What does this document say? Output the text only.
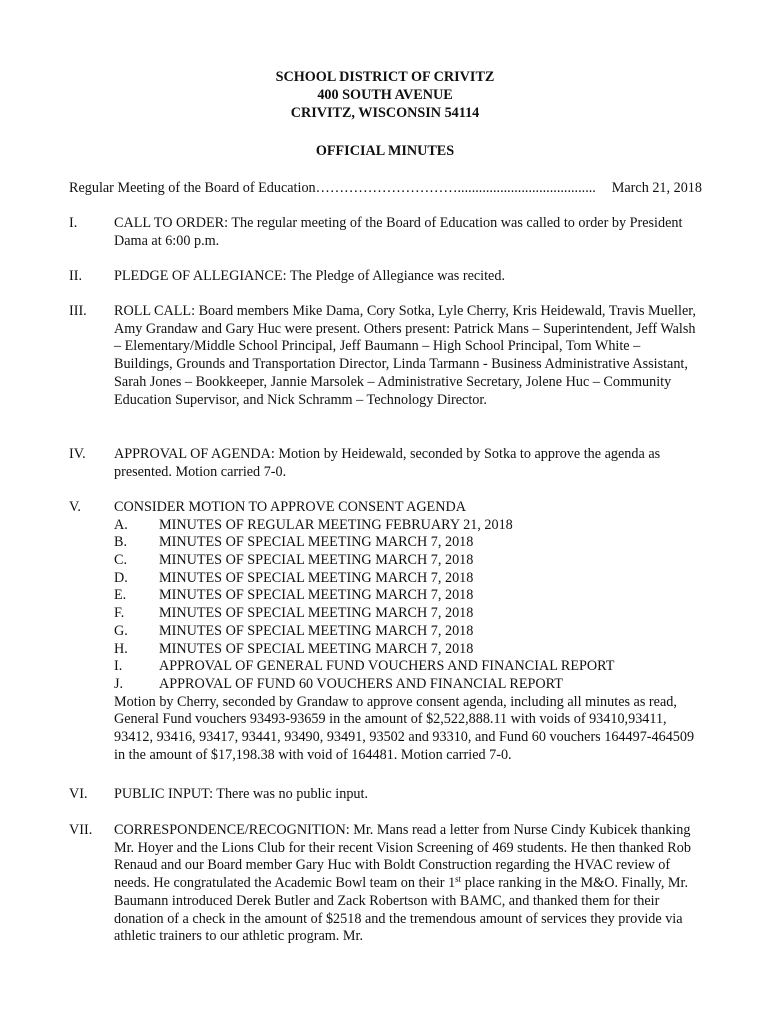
SCHOOL DISTRICT OF CRIVITZ
400 SOUTH AVENUE
CRIVITZ, WISCONSIN 54114
OFFICIAL MINUTES
Regular Meeting of the Board of Education…………………………....................................... March 21, 2018
I.	CALL TO ORDER: The regular meeting of the Board of Education was called to order by President Dama at 6:00 p.m.
II. PLEDGE OF ALLEGIANCE: The Pledge of Allegiance was recited.
III. ROLL CALL: Board members Mike Dama, Cory Sotka, Lyle Cherry, Kris Heidewald, Travis Mueller, Amy Grandaw and Gary Huc were present. Others present: Patrick Mans – Superintendent, Jeff Walsh – Elementary/Middle School Principal, Jeff Baumann – High School Principal, Tom White – Buildings, Grounds and Transportation Director, Linda Tarmann - Business Administrative Assistant, Sarah Jones – Bookkeeper, Jannie Marsolek – Administrative Secretary, Jolene Huc – Community Education Supervisor, and Nick Schramm – Technology Director.
IV. APPROVAL OF AGENDA: Motion by Heidewald, seconded by Sotka to approve the agenda as presented. Motion carried 7-0.
V. CONSIDER MOTION TO APPROVE CONSENT AGENDA
A.	MINUTES OF REGULAR MEETING FEBRUARY 21, 2018
B.	MINUTES OF SPECIAL MEETING MARCH 7, 2018
C.	MINUTES OF SPECIAL MEETING MARCH 7, 2018
D.	MINUTES OF SPECIAL MEETING MARCH 7, 2018
E.	MINUTES OF SPECIAL MEETING MARCH 7, 2018
F.	MINUTES OF SPECIAL MEETING MARCH 7, 2018
G.	MINUTES OF SPECIAL MEETING MARCH 7, 2018
H.	MINUTES OF SPECIAL MEETING MARCH 7, 2018
I.	APPROVAL OF GENERAL FUND VOUCHERS AND FINANCIAL REPORT
J.	APPROVAL OF FUND 60 VOUCHERS AND FINANCIAL REPORT
Motion by Cherry, seconded by Grandaw to approve consent agenda, including all minutes as read, General Fund vouchers 93493-93659 in the amount of $2,522,888.11 with voids of 93410,93411, 93412, 93416, 93417, 93441, 93490, 93491, 93502 and 93310, and Fund 60 vouchers 164497-464509 in the amount of $17,198.38 with void of 164481. Motion carried 7-0.
VI. PUBLIC INPUT: There was no public input.
VII. CORRESPONDENCE/RECOGNITION: Mr. Mans read a letter from Nurse Cindy Kubicek thanking Mr. Hoyer and the Lions Club for their recent Vision Screening of 469 students. He then thanked Rob Renaud and our Board member Gary Huc with Boldt Construction regarding the HVAC review of needs. He congratulated the Academic Bowl team on their 1st place ranking in the M&O. Finally, Mr. Baumann introduced Derek Butler and Zack Robertson with BAMC, and thanked them for their donation of a check in the amount of $2518 and the tremendous amount of services they provide via athletic trainers to our athletic program. Mr.
